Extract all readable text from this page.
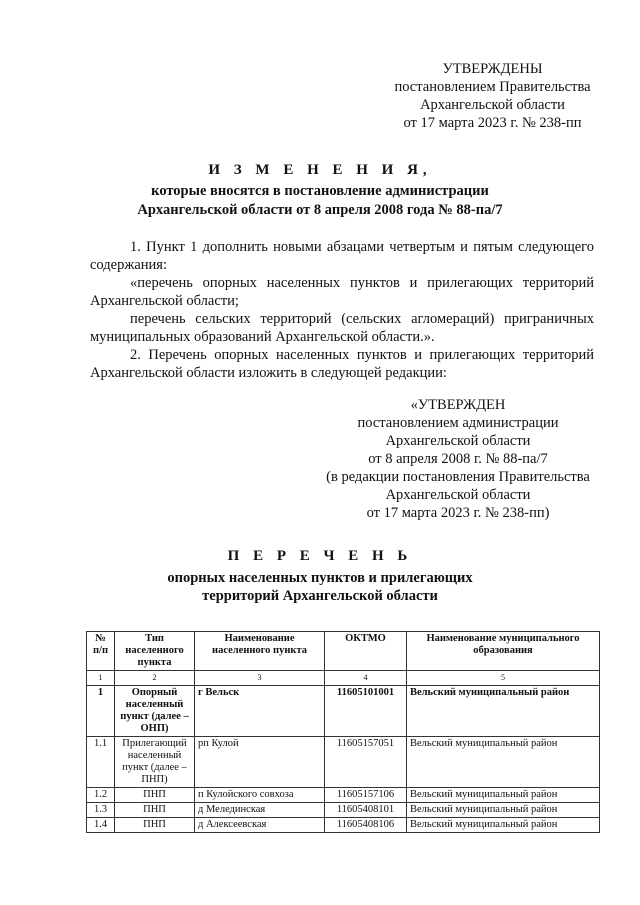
УТВЕРЖДЕНЫ
постановлением Правительства
Архангельской области
от 17 марта 2023 г. № 238-пп
И З М Е Н Е Н И Я,
которые вносятся в постановление администрации
Архангельской области от 8 апреля 2008 года № 88-па/7

1. Пункт 1 дополнить новыми абзацами четвертым и пятым следующего содержания:

«перечень опорных населенных пунктов и прилегающих территорий Архангельской области;

перечень сельских территорий (сельских агломераций) приграничных муниципальных образований Архангельской области.».

2. Перечень опорных населенных пунктов и прилегающих территорий Архангельской области изложить в следующей редакции:

«УТВЕРЖДЕН
постановлением администрации
Архангельской области
от 8 апреля 2008 г. № 88-па/7
(в редакции постановления Правительства
Архангельской области
от 17 марта 2023 г. № 238-пп)
П Е Р Е Ч Е Н Ь
опорных населенных пунктов и прилегающих
территорий Архангельской области
№ п/п	Тип населенного пункта	Наименование населенного пункта	ОКТМО	Наименование муниципального образования
1	2	3	4	5
1	Опорный населенный пункт (далее – ОНП)	г Вельск	11605101001	Вельский муниципальный район
1.1	Прилегающий населенный пункт (далее – ПНП)	рп Кулой	11605157051	Вельский муниципальный район
1.2	ПНП	п Кулойского совхоза	11605157106	Вельский муниципальный район
1.3	ПНП	д Мелединская	11605408101	Вельский муниципальный район
1.4	ПНП	д Алексеевская	11605408106	Вельский муниципальный район
